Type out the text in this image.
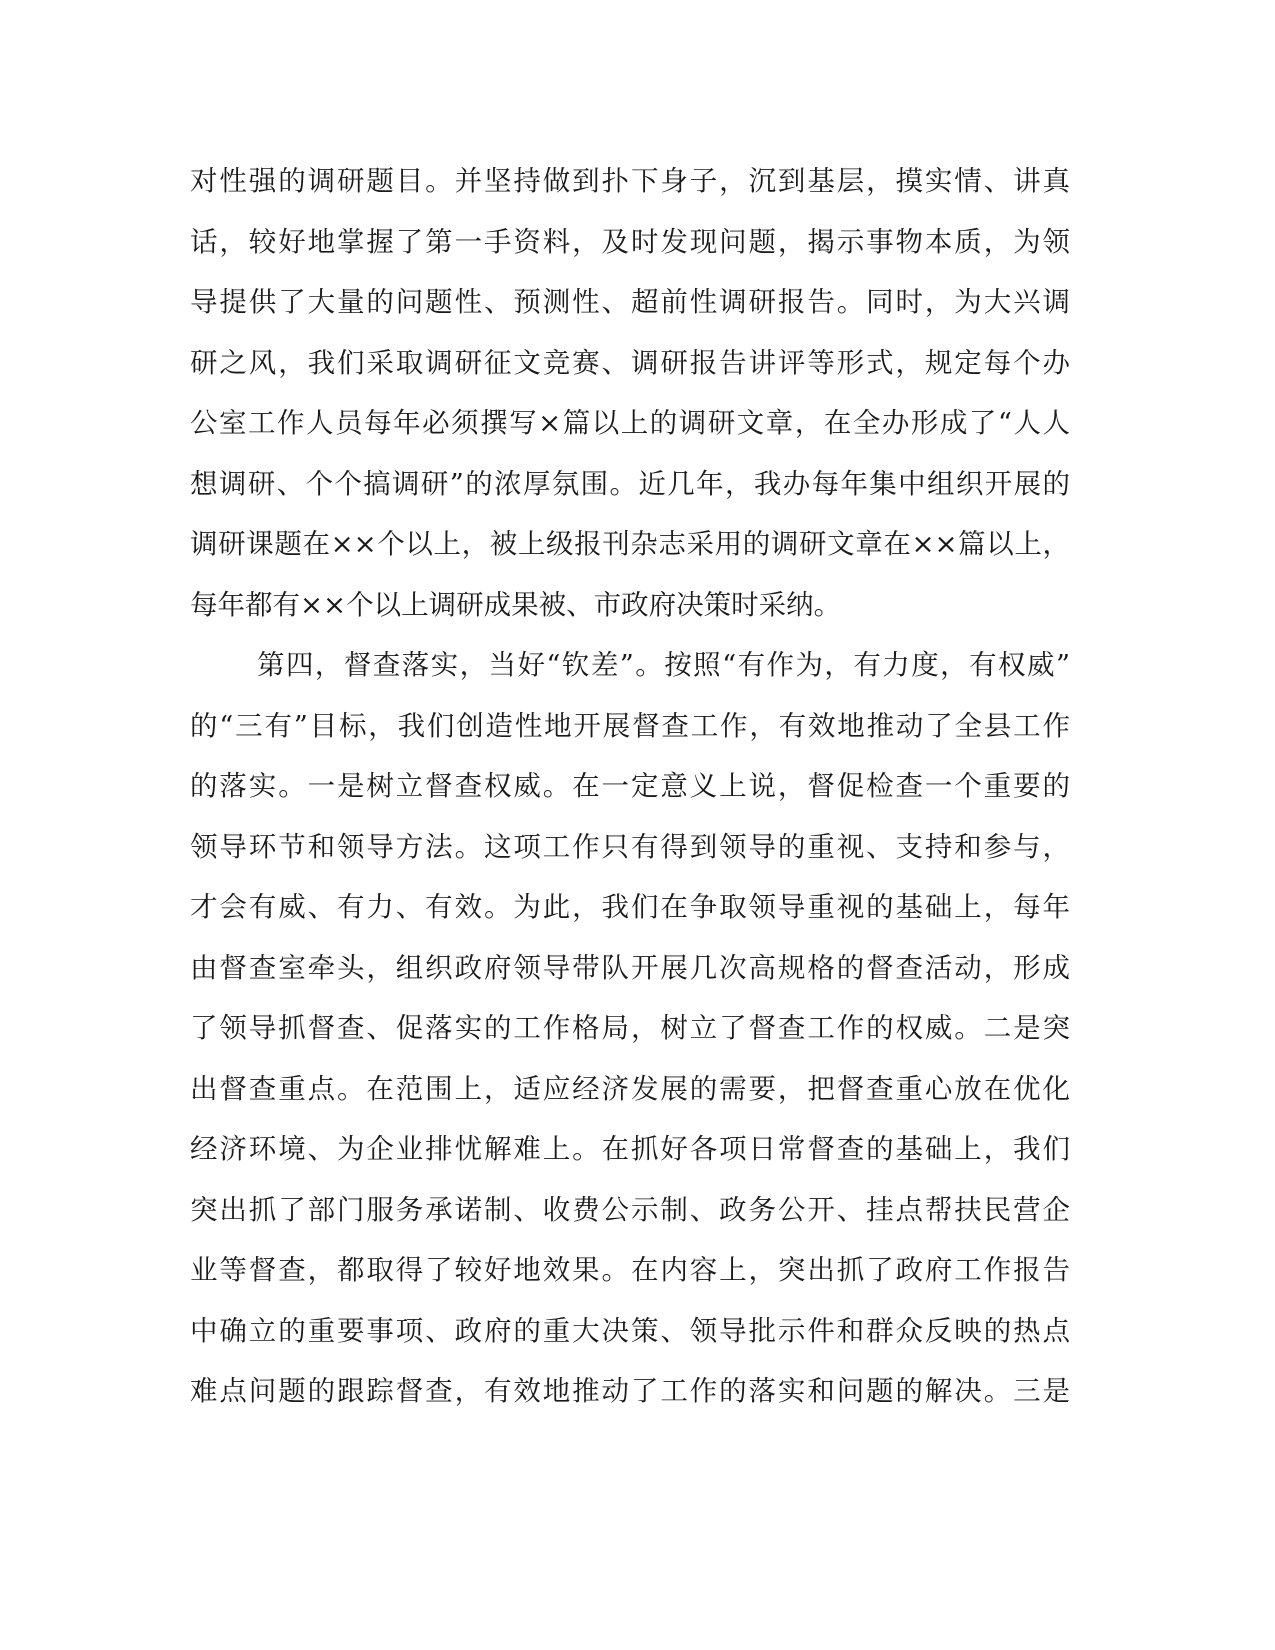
对性强的调研题目。并坚持做到扑下身子，沉到基层，摸实情、讲真
话，较好地掌握了第一手资料，及时发现问题，揭示事物本质，为领
导提供了大量的问题性、预测性、超前性调研报告。同时，为大兴调
研之风，我们采取调研征文竞赛、调研报告讲评等形式，规定每个办
公室工作人员每年必须撰写×篇以上的调研文章，在全办形成了“人人
想调研、个个搞调研”的浓厚氛围。近几年，我办每年集中组织开展的
调研课题在××个以上，被上级报刊杂志采用的调研文章在××篇以上，
每年都有××个以上调研成果被、市政府决策时采纳。
第四，督查落实，当好“钦差”。按照“有作为，有力度，有权威”
的“三有”目标，我们创造性地开展督查工作，有效地推动了全县工作
的落实。一是树立督查权威。在一定意义上说，督促检查一个重要的
领导环节和领导方法。这项工作只有得到领导的重视、支持和参与，
才会有威、有力、有效。为此，我们在争取领导重视的基础上，每年
由督查室牵头，组织政府领导带队开展几次高规格的督查活动，形成
了领导抓督查、促落实的工作格局，树立了督查工作的权威。二是突
出督查重点。在范围上，适应经济发展的需要，把督查重心放在优化
经济环境、为企业排忧解难上。在抓好各项日常督查的基础上，我们
突出抓了部门服务承诺制、收费公示制、政务公开、挂点帮扶民营企
业等督查，都取得了较好地效果。在内容上，突出抓了政府工作报告
中确立的重要事项、政府的重大决策、领导批示件和群众反映的热点
难点问题的跟踪督查，有效地推动了工作的落实和问题的解决。三是
